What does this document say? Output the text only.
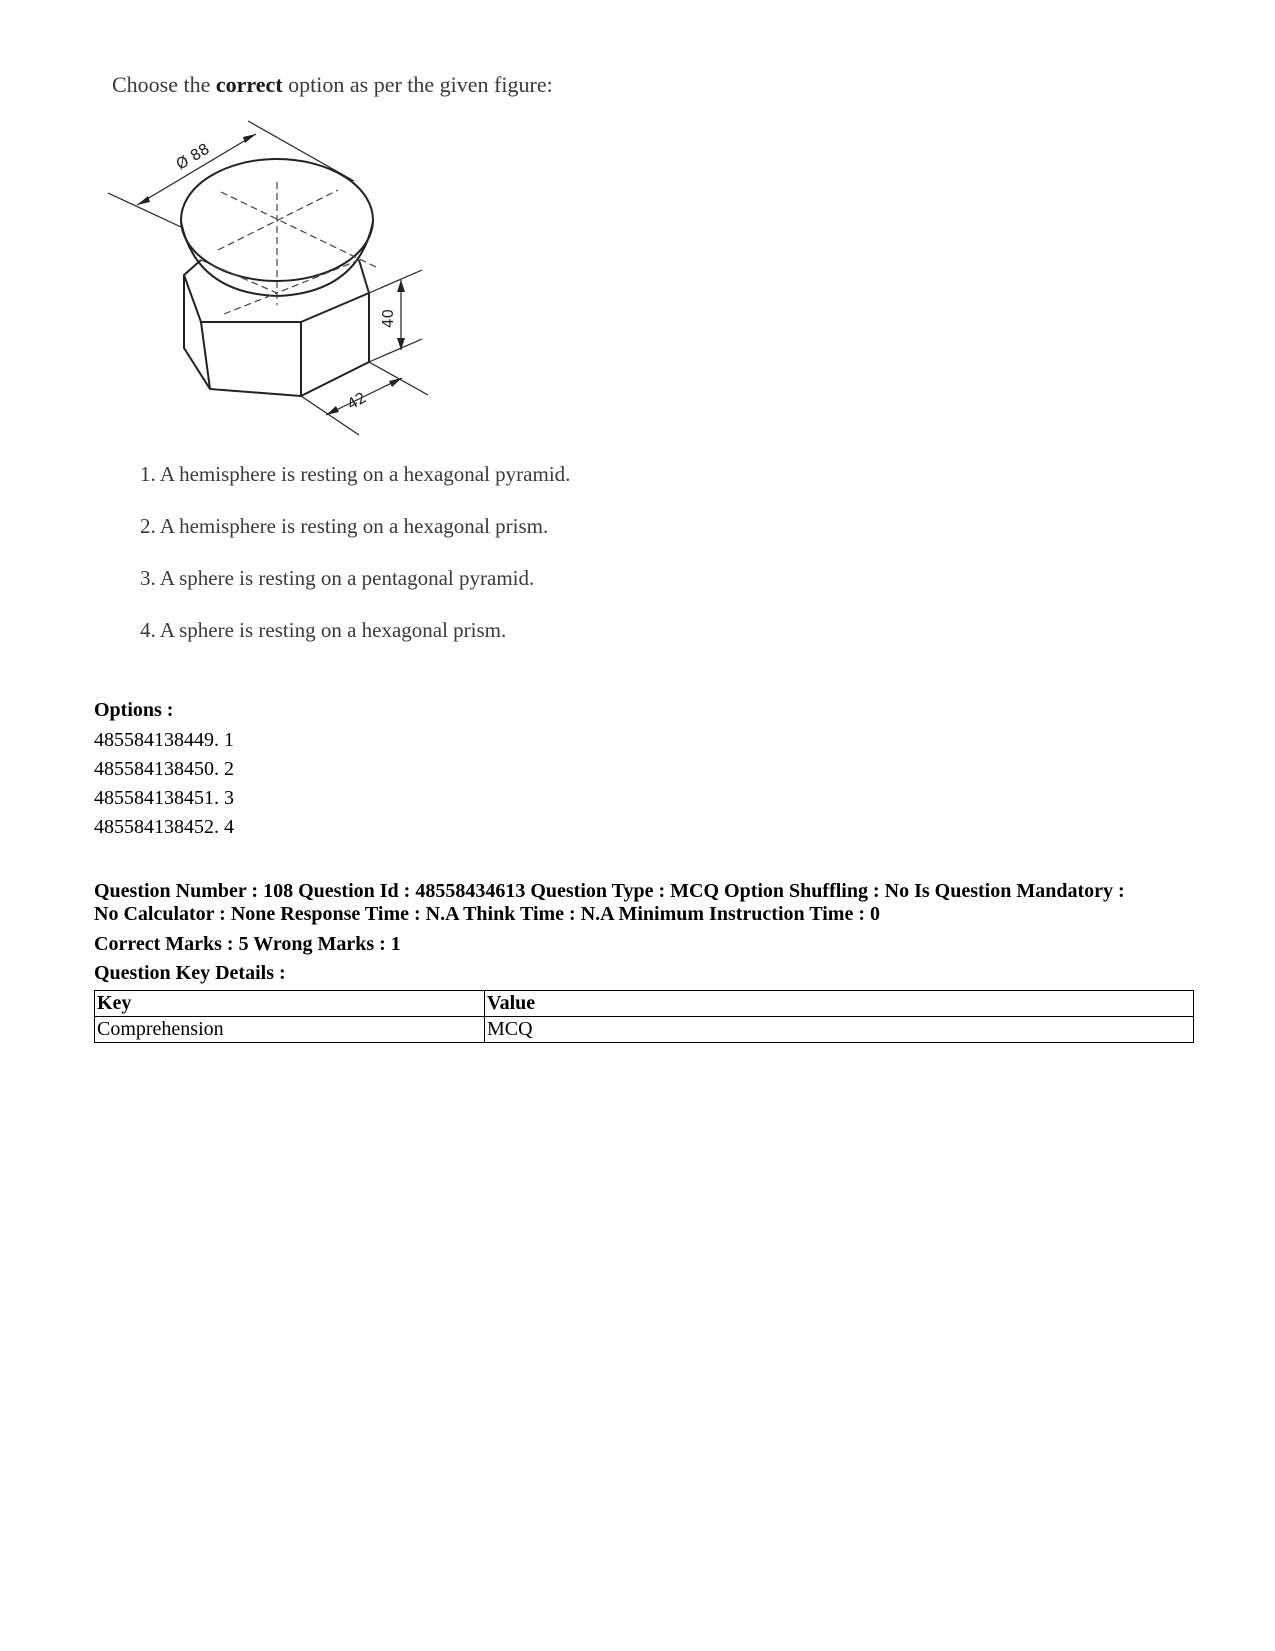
Choose the correct option as per the given figure:
Ø 88
40
42
1. A hemisphere is resting on a hexagonal pyramid.
2. A hemisphere is resting on a hexagonal prism.
3. A sphere is resting on a pentagonal pyramid.
4. A sphere is resting on a hexagonal prism.
Options :
485584138449. 1
485584138450. 2
485584138451. 3
485584138452. 4
Question Number : 108 Question Id : 48558434613 Question Type : MCQ Option Shuffling : No Is Question Mandatory :
No Calculator : None Response Time : N.A Think Time : N.A Minimum Instruction Time : 0
Correct Marks : 5 Wrong Marks : 1
Question Key Details :
Key	Value
Comprehension	MCQ
